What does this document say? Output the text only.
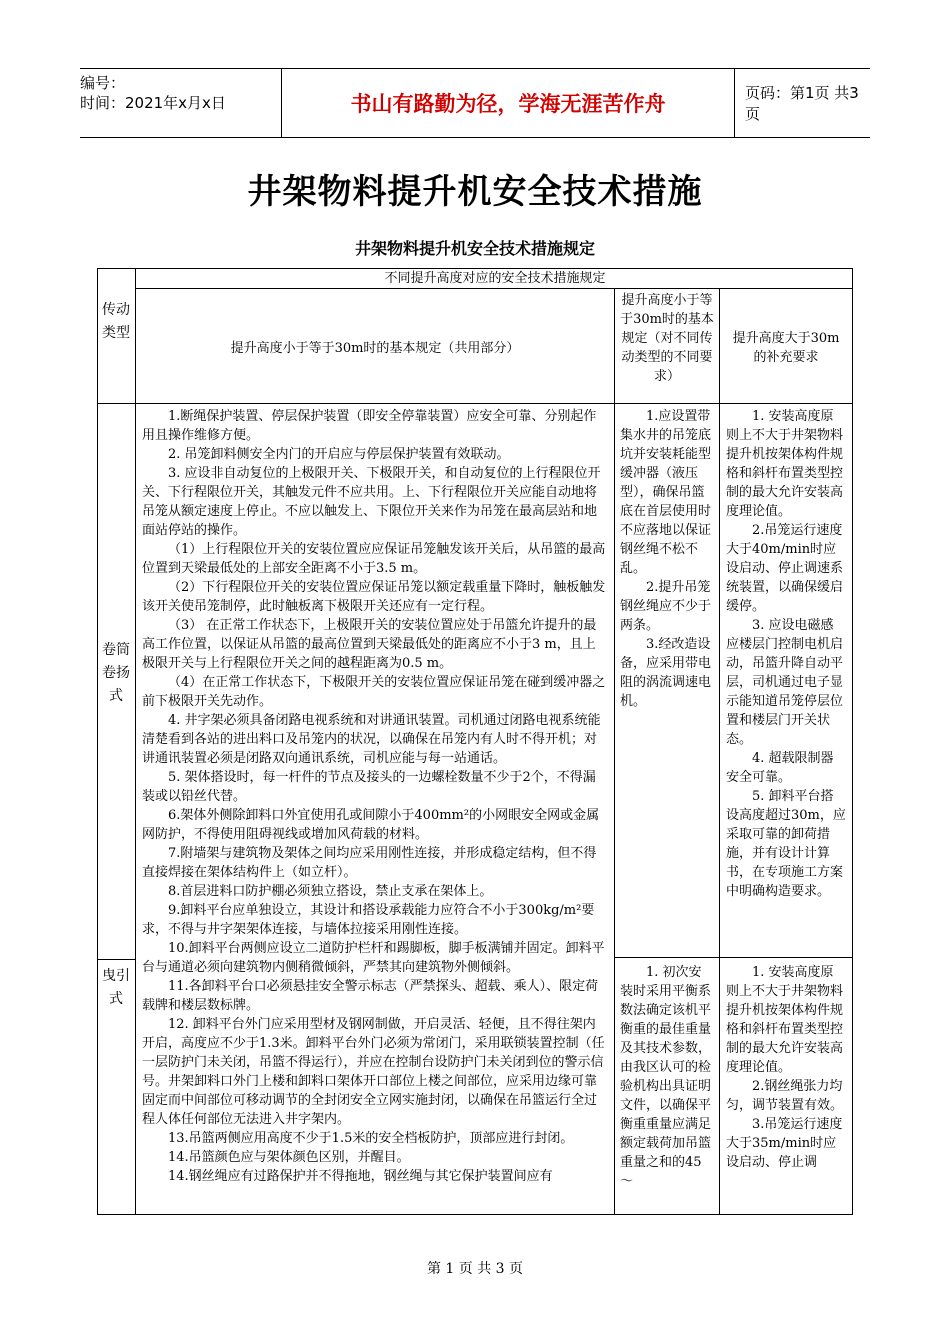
编号：
时间：2021年x月x日	书山有路勤为径，学海无涯苦作舟	页码：第1页 共3页
井架物料提升机安全技术措施
井架物料提升机安全技术措施规定
传动类型
不同提升高度对应的安全技术措施规定
提升高度小于等于30m时的基本规定（共用部分）
提升高度小于等于30m时的基本规定（对不同传动类型的不同要求）
提升高度大于30m的补充要求
卷筒卷扬式
曳引式

1.断绳保护装置、停层保护装置（即安全停靠装置）应安全可靠、分别起作用且操作维修方便。

2. 吊笼卸料侧安全内门的开启应与停层保护装置有效联动。

3. 应设非自动复位的上极限开关、下极限开关，和自动复位的上行程限位开关、下行程限位开关，其触发元件不应共用。上、下行程限位开关应能自动地将吊笼从额定速度上停止。不应以触发上、下限位开关来作为吊笼在最高层站和地面站停站的操作。

（1）上行程限位开关的安装位置应应保证吊笼触发该开关后，从吊篮的最高位置到天梁最低处的上部安全距离不小于3.5 m。

（2）下行程限位开关的安装位置应保证吊笼以额定载重量下降时，触板触发该开关使吊笼制停，此时触板离下极限开关还应有一定行程。

（3） 在正常工作状态下，上极限开关的安装位置应处于吊篮允许提升的最高工作位置，以保证从吊篮的最高位置到天梁最低处的距离应不小于3 m，且上极限开关与上行程限位开关之间的越程距离为0.5 m。

（4）在正常工作状态下，下极限开关的安装位置应保证吊笼在碰到缓冲器之前下极限开关先动作。

4. 井字架必须具备闭路电视系统和对讲通讯装置。司机通过闭路电视系统能清楚看到各站的进出料口及吊笼内的状况，以确保在吊笼内有人时不得开机；对讲通讯装置必须是闭路双向通讯系统，司机应能与每一站通话。

5. 架体搭设时，每一杆件的节点及接头的一边螺栓数量不少于2个，不得漏装或以铅丝代替。

6.架体外侧除卸料口外宜使用孔或间隙小于400mm²的小网眼安全网或金属网防护，不得使用阻碍视线或增加风荷载的材料。

7.附墙架与建筑物及架体之间均应采用刚性连接，并形成稳定结构，但不得直接焊接在架体结构件上（如立杆）。

8.首层进料口防护棚必须独立搭设，禁止支承在架体上。

9.卸料平台应单独设立，其设计和搭设承载能力应符合不小于300kg/m²要求，不得与井字架架体连接，与墙体拉接采用刚性连接。

10.卸料平台两侧应设立二道防护栏杆和踢脚板，脚手板满铺并固定。卸料平台与通道必须向建筑物内侧稍微倾斜，严禁其向建筑物外侧倾斜。

11.各卸料平台口必须悬挂安全警示标志（严禁探头、超载、乘人）、限定荷载牌和楼层数标牌。

12. 卸料平台外门应采用型材及钢网制做，开启灵活、轻便，且不得往架内开启，高度应不少于1.3米。卸料平台外门必须为常闭门，采用联锁装置控制（任一层防护门未关闭，吊篮不得运行），并应在控制台设防护门未关闭到位的警示信号。井架卸料口外门上楼和卸料口架体开口部位上楼之间部位，应采用边缘可靠固定而中间部位可移动调节的全封闭安全立网实施封闭，以确保在吊篮运行全过程人体任何部位无法进入井字架内。

13.吊篮两侧应用高度不少于1.5米的安全档板防护，顶部应进行封闭。

14.吊篮颜色应与架体颜色区别，并醒目。

14.钢丝绳应有过路保护并不得拖地，钢丝绳与其它保护装置间应有

1.应设置带集水井的吊笼底坑并安装耗能型缓冲器（液压型），确保吊篮底在首层使用时不应落地以保证钢丝绳不松不乱。

2.提升吊笼钢丝绳应不少于两条。

3.经改造设备，应采用带电阻的涡流调速电机。

1. 安装高度原则上不大于井架物料提升机按架体构件规格和斜杆布置类型控制的最大允许安装高度理论值。

2.吊笼运行速度大于40m/min时应设启动、停止调速系统装置，以确保缓启缓停。

3. 应设电磁感应楼层门控制电机启动，吊篮升降自动平层，司机通过电子显示能知道吊笼停层位置和楼层门开关状态。

4. 超载限制器安全可靠。

5. 卸料平台搭设高度超过30m，应采取可靠的卸荷措施，并有设计计算书，在专项施工方案中明确构造要求。

1. 初次安装时采用平衡系数法确定该机平衡重的最佳重量及其技术参数，由我区认可的检验机构出具证明文件，以确保平衡重重量应满足额定载荷加吊篮重量之和的45～

1. 安装高度原则上不大于井架物料提升机按架体构件规格和斜杆布置类型控制的最大允许安装高度理论值。

2.钢丝绳张力均匀，调节装置有效。

3.吊笼运行速度大于35m/min时应设启动、停止调

第 1 页 共 3 页
